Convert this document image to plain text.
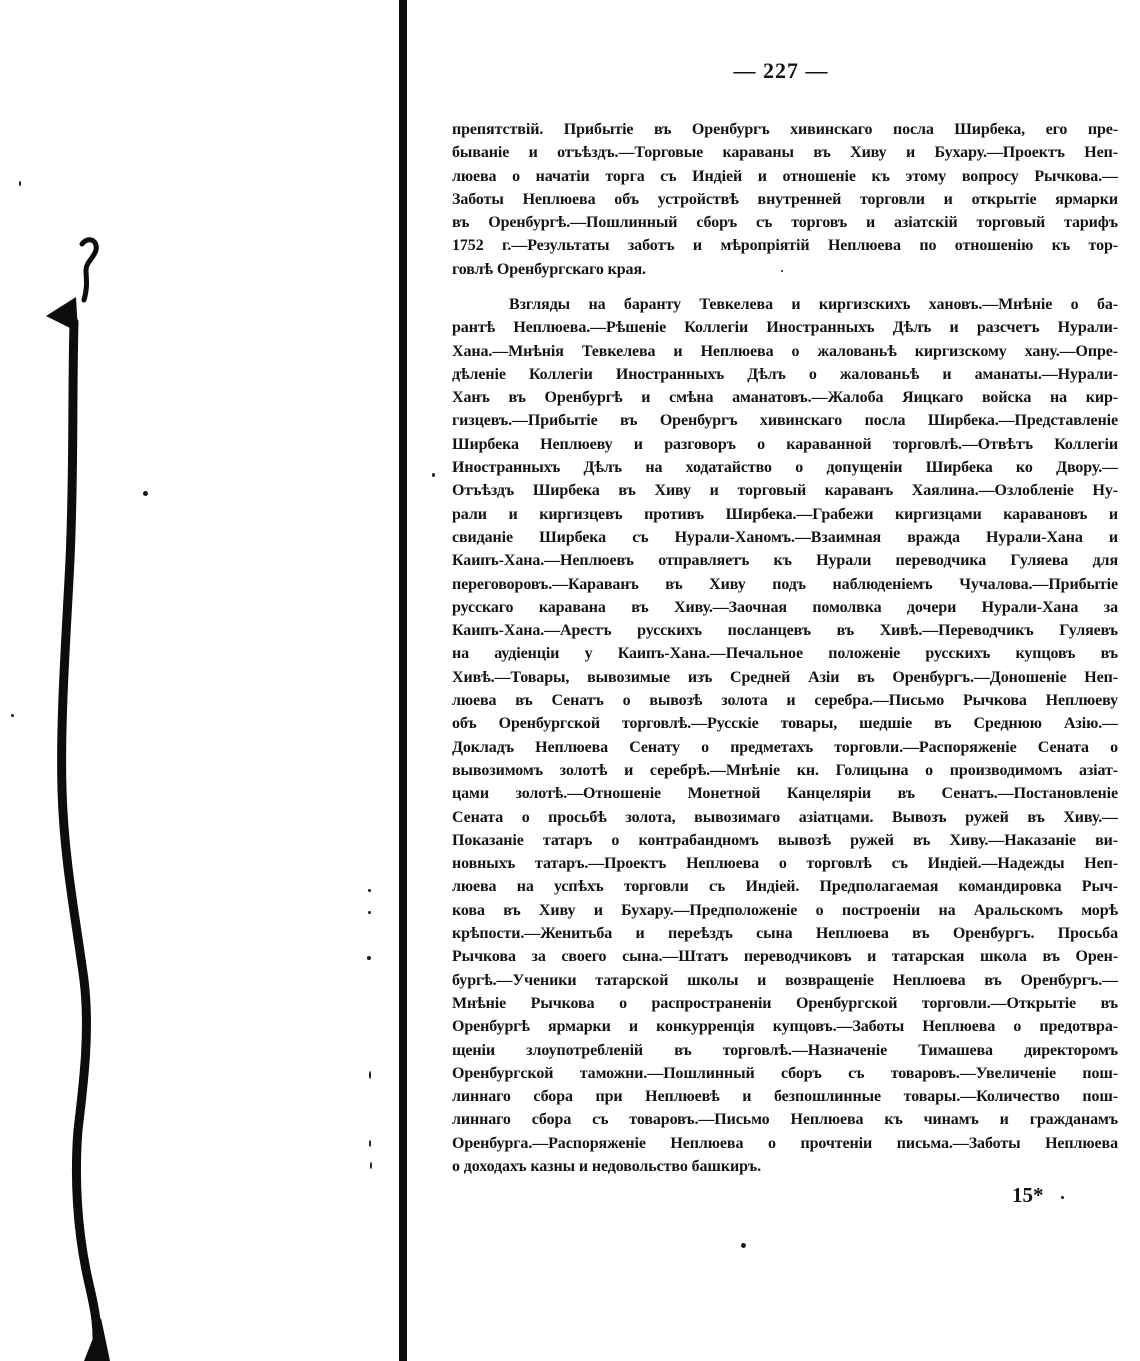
— 227 —
препятствій. Прибытіе въ Оренбургъ хивинскаго посла Ширбека, его пре-
бываніе и отъѣздъ.—Торговые караваны въ Хиву и Бухару.—Проектъ Неп-
люева о начатіи торга съ Индіей и отношеніе къ этому вопросу Рычкова.—
Заботы Неплюева объ устройствѣ внутренней торговли и открытіе ярмарки
въ Оренбургѣ.—Пошлинный сборъ съ торговъ и азіатскій торговый тарифъ
1752 г.—Результаты заботъ и мѣропріятій Неплюева по отношенію къ тор-
говлѣ Оренбургскаго края.
Взгляды на баранту Тевкелева и киргизскихъ хановъ.—Мнѣніе о ба-
рантѣ Неплюева.—Рѣшеніе Коллегіи Иностранныхъ Дѣлъ и разсчетъ Нурали-
Хана.—Мнѣнія Тевкелева и Неплюева о жалованьѣ киргизскому хану.—Опре-
дѣленіе Коллегіи Иностранныхъ Дѣлъ о жалованьѣ и аманаты.—Нурали-
Ханъ въ Оренбургѣ и смѣна аманатовъ.—Жалоба Яицкаго войска на кир-
гизцевъ.—Прибытіе въ Оренбургъ хивинскаго посла Ширбека.—Представленіе
Ширбека Неплюеву и разговоръ о караванной торговлѣ.—Отвѣтъ Коллегіи
Иностранныхъ Дѣлъ на ходатайство о допущеніи Ширбека ко Двору.—
Отъѣздъ Ширбека въ Хиву и торговый караванъ Хаялина.—Озлобленіе Ну-
рали и киргизцевъ противъ Ширбека.—Грабежи киргизцами каравановъ и
свиданіе Ширбека съ Нурали-Ханомъ.—Взаимная вражда Нурали-Хана и
Каипъ-Хана.—Неплюевъ отправляетъ къ Нурали переводчика Гуляева для
переговоровъ.—Караванъ въ Хиву подъ наблюденіемъ Чучалова.—Прибытіе
русскаго каравана въ Хиву.—Заочная помолвка дочери Нурали-Хана за
Каипъ-Хана.—Арестъ русскихъ посланцевъ въ Хивѣ.—Переводчикъ Гуляевъ
на аудіенціи у Каипъ-Хана.—Печальное положеніе русскихъ купцовъ въ
Хивѣ.—Товары, вывозимые изъ Средней Азіи въ Оренбургъ.—Доношеніе Неп-
люева въ Сенатъ о вывозѣ золота и серебра.—Письмо Рычкова Неплюеву
объ Оренбургской торговлѣ.—Русскіе товары, шедшіе въ Среднюю Азію.—
Докладъ Неплюева Сенату о предметахъ торговли.—Распоряженіе Сената о
вывозимомъ золотѣ и серебрѣ.—Мнѣніе кн. Голицына о производимомъ азіат-
цами золотѣ.—Отношеніе Монетной Канцеляріи въ Сенатъ.—Постановленіе
Сената о просьбѣ золота, вывозимаго азіатцами. Вывозъ ружей въ Хиву.—
Показаніе татаръ о контрабандномъ вывозѣ ружей въ Хиву.—Наказаніе ви-
новныхъ татаръ.—Проектъ Неплюева о торговлѣ съ Индіей.—Надежды Неп-
люева на успѣхъ торговли съ Индіей. Предполагаемая командировка Рыч-
кова въ Хиву и Бухару.—Предположеніе о построеніи на Аральскомъ морѣ
крѣпости.—Женитьба и переѣздъ сына Неплюева въ Оренбургъ. Просьба
Рычкова за своего сына.—Штатъ переводчиковъ и татарская школа въ Орен-
бургѣ.—Ученики татарской школы и возвращеніе Неплюева въ Оренбургъ.—
Мнѣніе Рычкова о распространеніи Оренбургской торговли.—Открытіе въ
Оренбургѣ ярмарки и конкурренція купцовъ.—Заботы Неплюева о предотвра-
щеніи злоупотребленій въ торговлѣ.—Назначеніе Тимашева директоромъ
Оренбургской таможни.—Пошлинный сборъ съ товаровъ.—Увеличеніе пош-
линнаго сбора при Неплюевѣ и безпошлинные товары.—Количество пош-
линнаго сбора съ товаровъ.—Письмо Неплюева къ чинамъ и гражданамъ
Оренбурга.—Распоряженіе Неплюева о прочтеніи письма.—Заботы Неплюева
о доходахъ казны и недовольство башкиръ.
15*
